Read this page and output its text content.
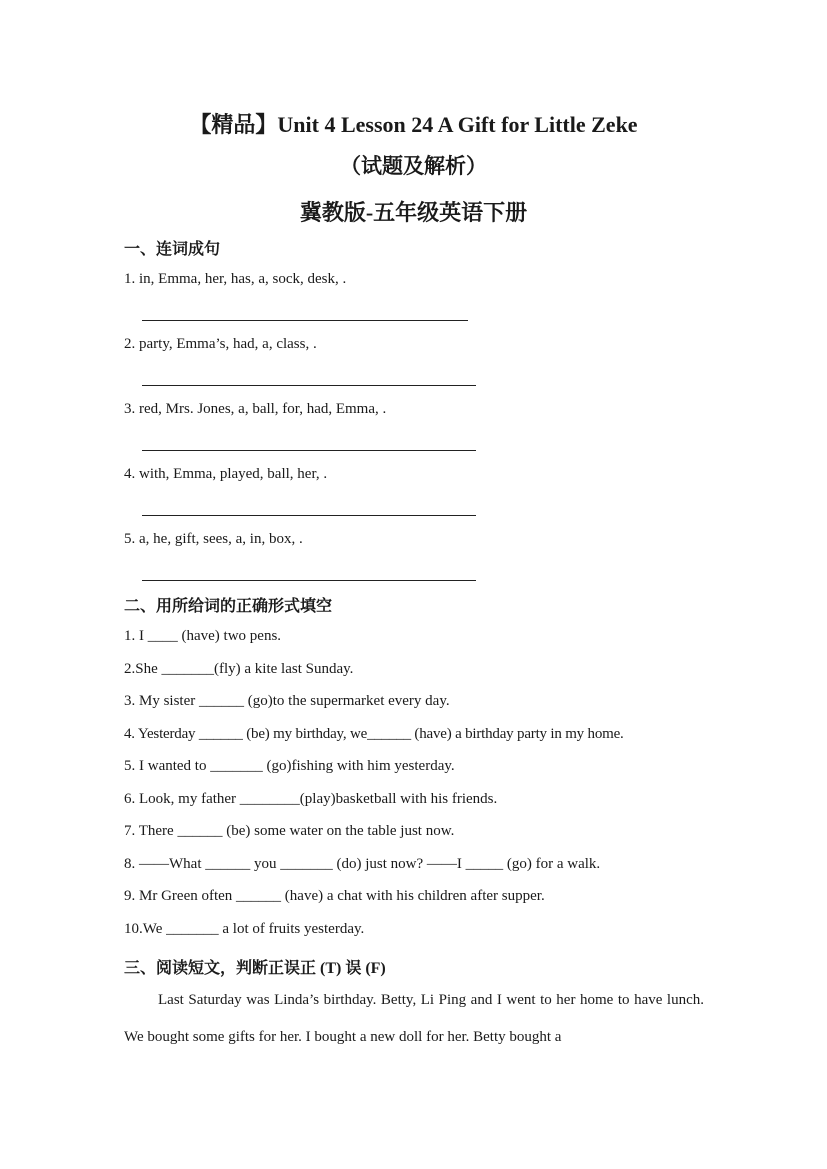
【精品】Unit 4 Lesson 24 A Gift for Little Zeke
（试题及解析）
冀教版-五年级英语下册
一、连词成句
1. in, Emma, her, has, a, sock, desk, .
2. party, Emma’s, had, a, class, .
3. red, Mrs. Jones, a, ball, for, had, Emma, .
4. with, Emma, played, ball, her, .
5. a, he, gift, sees, a, in, box, .
二、用所给词的正确形式填空
1. I ____ (have) two pens.
2.She _______(fly) a kite last Sunday.
3. My sister ______ (go)to the supermarket every day.
4. Yesterday ______ (be) my birthday, we______ (have) a birthday party in my home.
5. I wanted to _______ (go)fishing with him yesterday.
6. Look, my father ________(play)basketball with his friends.
7. There ______ (be) some water on the table just now.
8. ——What ______ you _______ (do) just now? ——I _____ (go) for a walk.
9. Mr Green often ______ (have) a chat with his children after supper.
10.We _______ a lot of fruits yesterday.
三、阅读短文，判断正误正 (T) 误 (F)
Last Saturday was Linda’s birthday. Betty, Li Ping and I went to her home to have lunch. We bought some gifts for her. I bought a new doll for her. Betty bought a
